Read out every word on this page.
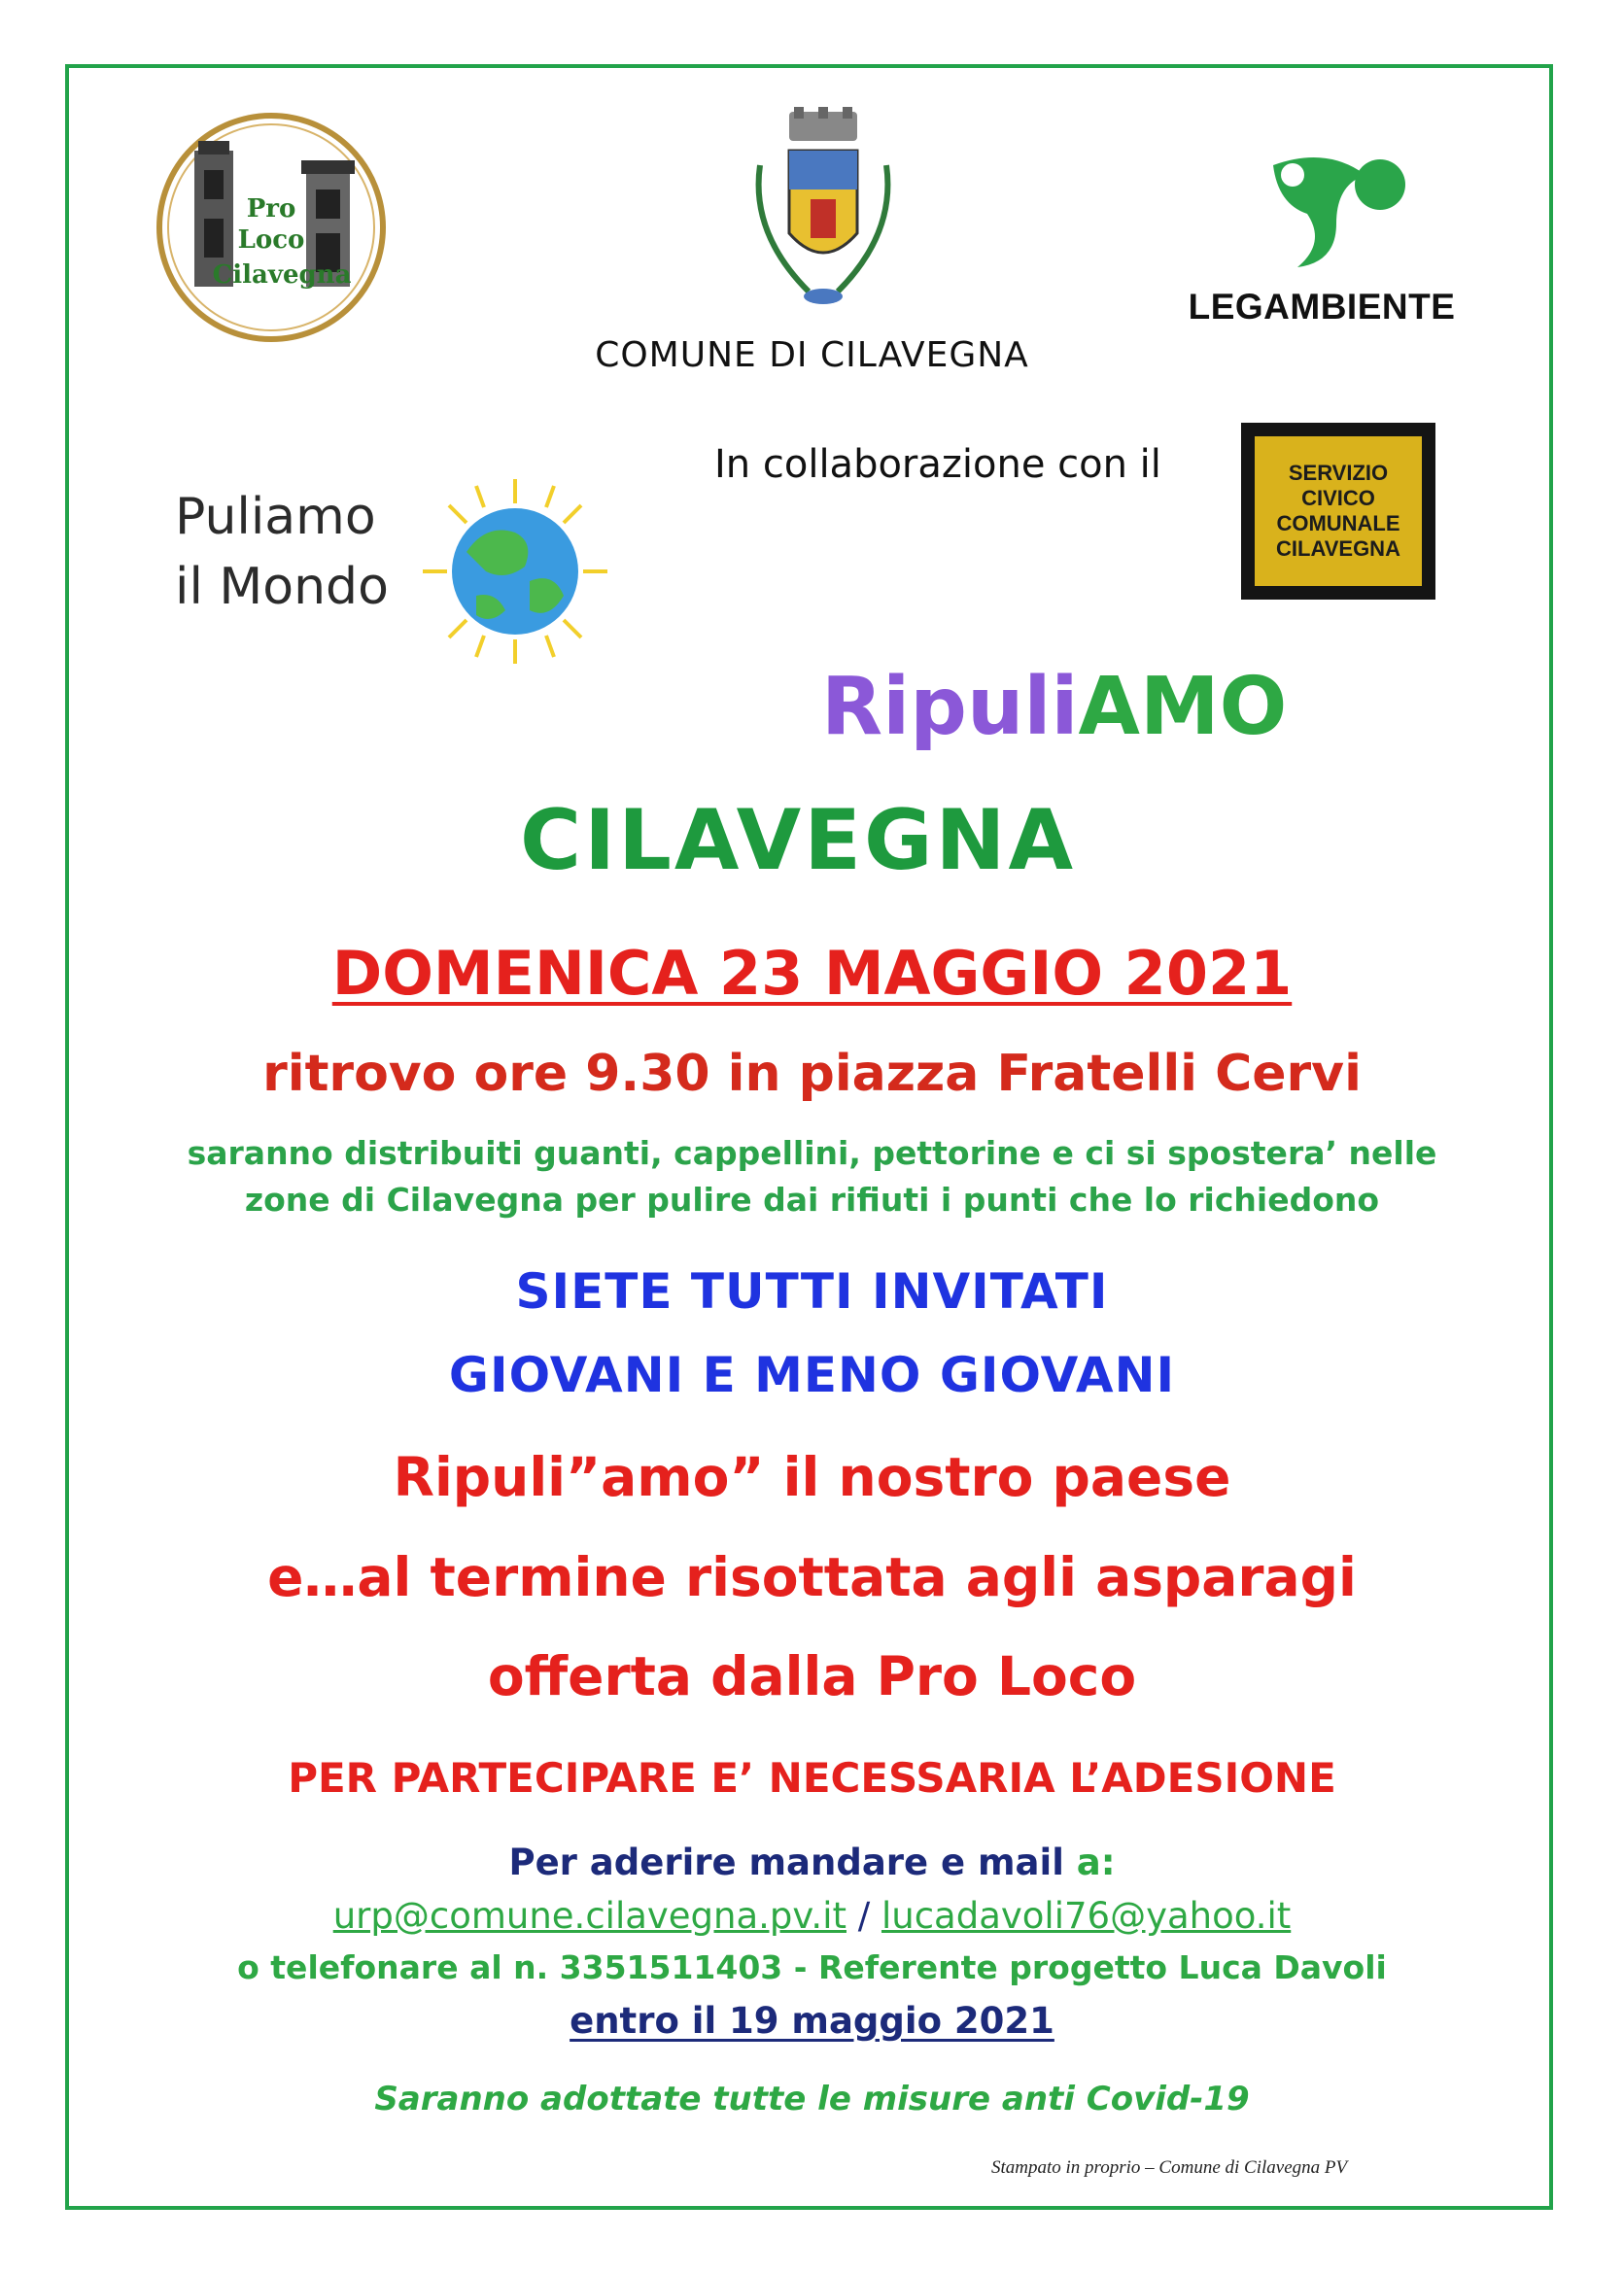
Pro
Loco
Cilavegna
LEGAMBIENTE
COMUNE DI CILAVEGNA
In collaborazione con il	SERVIZIO
CIVICO
COMUNALE
CILAVEGNA
Puliamo
il Mondo
RipuliAMO
CILAVEGNA
DOMENICA 23 MAGGIO 2021
ritrovo ore 9.30 in piazza Fratelli Cervi
saranno distribuiti guanti, cappellini, pettorine e ci si spostera’ nelle
zone di Cilavegna per pulire dai rifiuti i punti che lo richiedono
SIETE TUTTI INVITATI
GIOVANI E MENO GIOVANI
Ripuli”amo” il nostro paese
e…al termine risottata agli asparagi
offerta dalla Pro Loco
PER PARTECIPARE E’ NECESSARIA L’ADESIONE
Per aderire mandare e mail a:
urp@comune.cilavegna.pv.it / lucadavoli76@yahoo.it
o telefonare al n. 3351511403 - Referente progetto Luca Davoli
entro il 19 maggio 2021
Saranno adottate tutte le misure anti Covid-19
Stampato in proprio – Comune di Cilavegna PV
